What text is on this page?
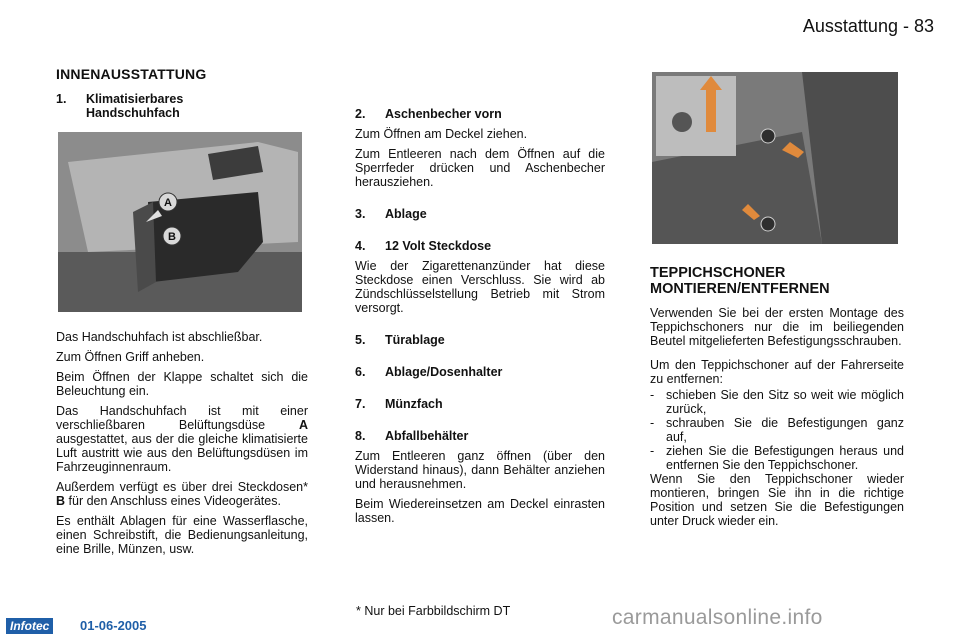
Ausstattung - 83
INNENAUSSTATTUNG
1. Klimatisierbares
Handschuhfach
A
B

Das Handschuhfach ist abschließbar.

Zum Öffnen Griff anheben.

Beim Öffnen der Klappe schaltet sich die Beleuchtung ein.

Das Handschuhfach ist mit einer verschließbaren Belüftungsdüse	A ausgestattet, aus der die gleiche klimatisierte Luft austritt wie aus den Belüftungsdüsen im Fahrzeuginnenraum.

Außerdem verfügt es über drei Steckdosen* B für den Anschluss eines Videogerätes.

Es enthält Ablagen für eine Wasserflasche, einen Schreibstift, die Bedienungsanleitung, eine Brille, Münzen, usw.

2. Aschenbecher vorn

Zum Öffnen am Deckel ziehen.

Zum Entleeren nach dem Öffnen auf die Sperrfeder drücken und Aschenbecher herausziehen.

3. Ablage
4. 12 Volt Steckdose

Wie der Zigarettenanzünder hat diese Steckdose einen Verschluss. Sie wird ab Zündschlüsselstellung Betrieb mit Strom versorgt.

5. Türablage
6. Ablage/Dosenhalter
7. Münzfach
8. Abfallbehälter

Zum Entleeren ganz öffnen (über den Widerstand hinaus), dann Behälter anziehen und herausnehmen.

Beim Wiedereinsetzen am Deckel einrasten lassen.

TEPPICHSCHONER
MONTIEREN/ENTFERNEN

Verwenden Sie bei der ersten Montage des Teppichschoners nur die im beiliegenden Beutel mitgelieferten Befestigungsschrauben.

Um den Teppichschoner auf der Fahrerseite zu entfernen:

- schieben Sie den Sitz so weit wie möglich zurück,
- schrauben Sie die Befestigungen ganz auf,
- ziehen Sie die Befestigungen heraus und entfernen Sie den Teppichschoner.

Wenn Sie den Teppichschoner wieder montieren, bringen Sie ihn in die richtige Position und setzen Sie die Befestigungen unter Druck wieder ein.

* Nur bei Farbbildschirm DT
Infotec	01-06-2005	carmanualsonline.info
